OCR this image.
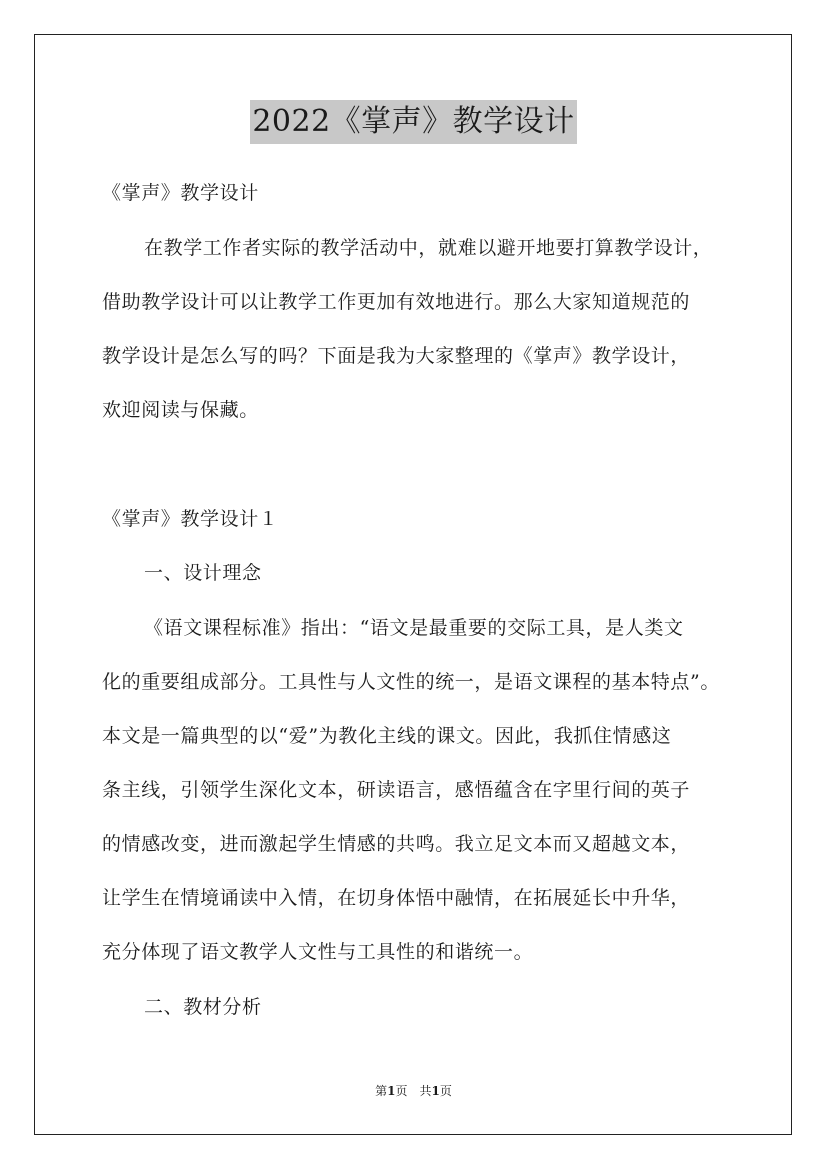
2022《掌声》教学设计
《掌声》教学设计
在教学工作者实际的教学活动中，就难以避开地要打算教学设计，
借助教学设计可以让教学工作更加有效地进行。那么大家知道规范的
教学设计是怎么写的吗？下面是我为大家整理的《掌声》教学设计，
欢迎阅读与保藏。
《掌声》教学设计１
一、设计理念
《语文课程标准》指出：“语文是最重要的交际工具，是人类文
化的重要组成部分。工具性与人文性的统一，是语文课程的基本特点”。
本文是一篇典型的以“爱”为教化主线的课文。因此，我抓住情感这
条主线，引领学生深化文本，研读语言，感悟蕴含在字里行间的英子
的情感改变，进而激起学生情感的共鸣。我立足文本而又超越文本，
让学生在情境诵读中入情，在切身体悟中融情，在拓展延长中升华，
充分体现了语文教学人文性与工具性的和谐统一。
二、教材分析
第1页　共1页
